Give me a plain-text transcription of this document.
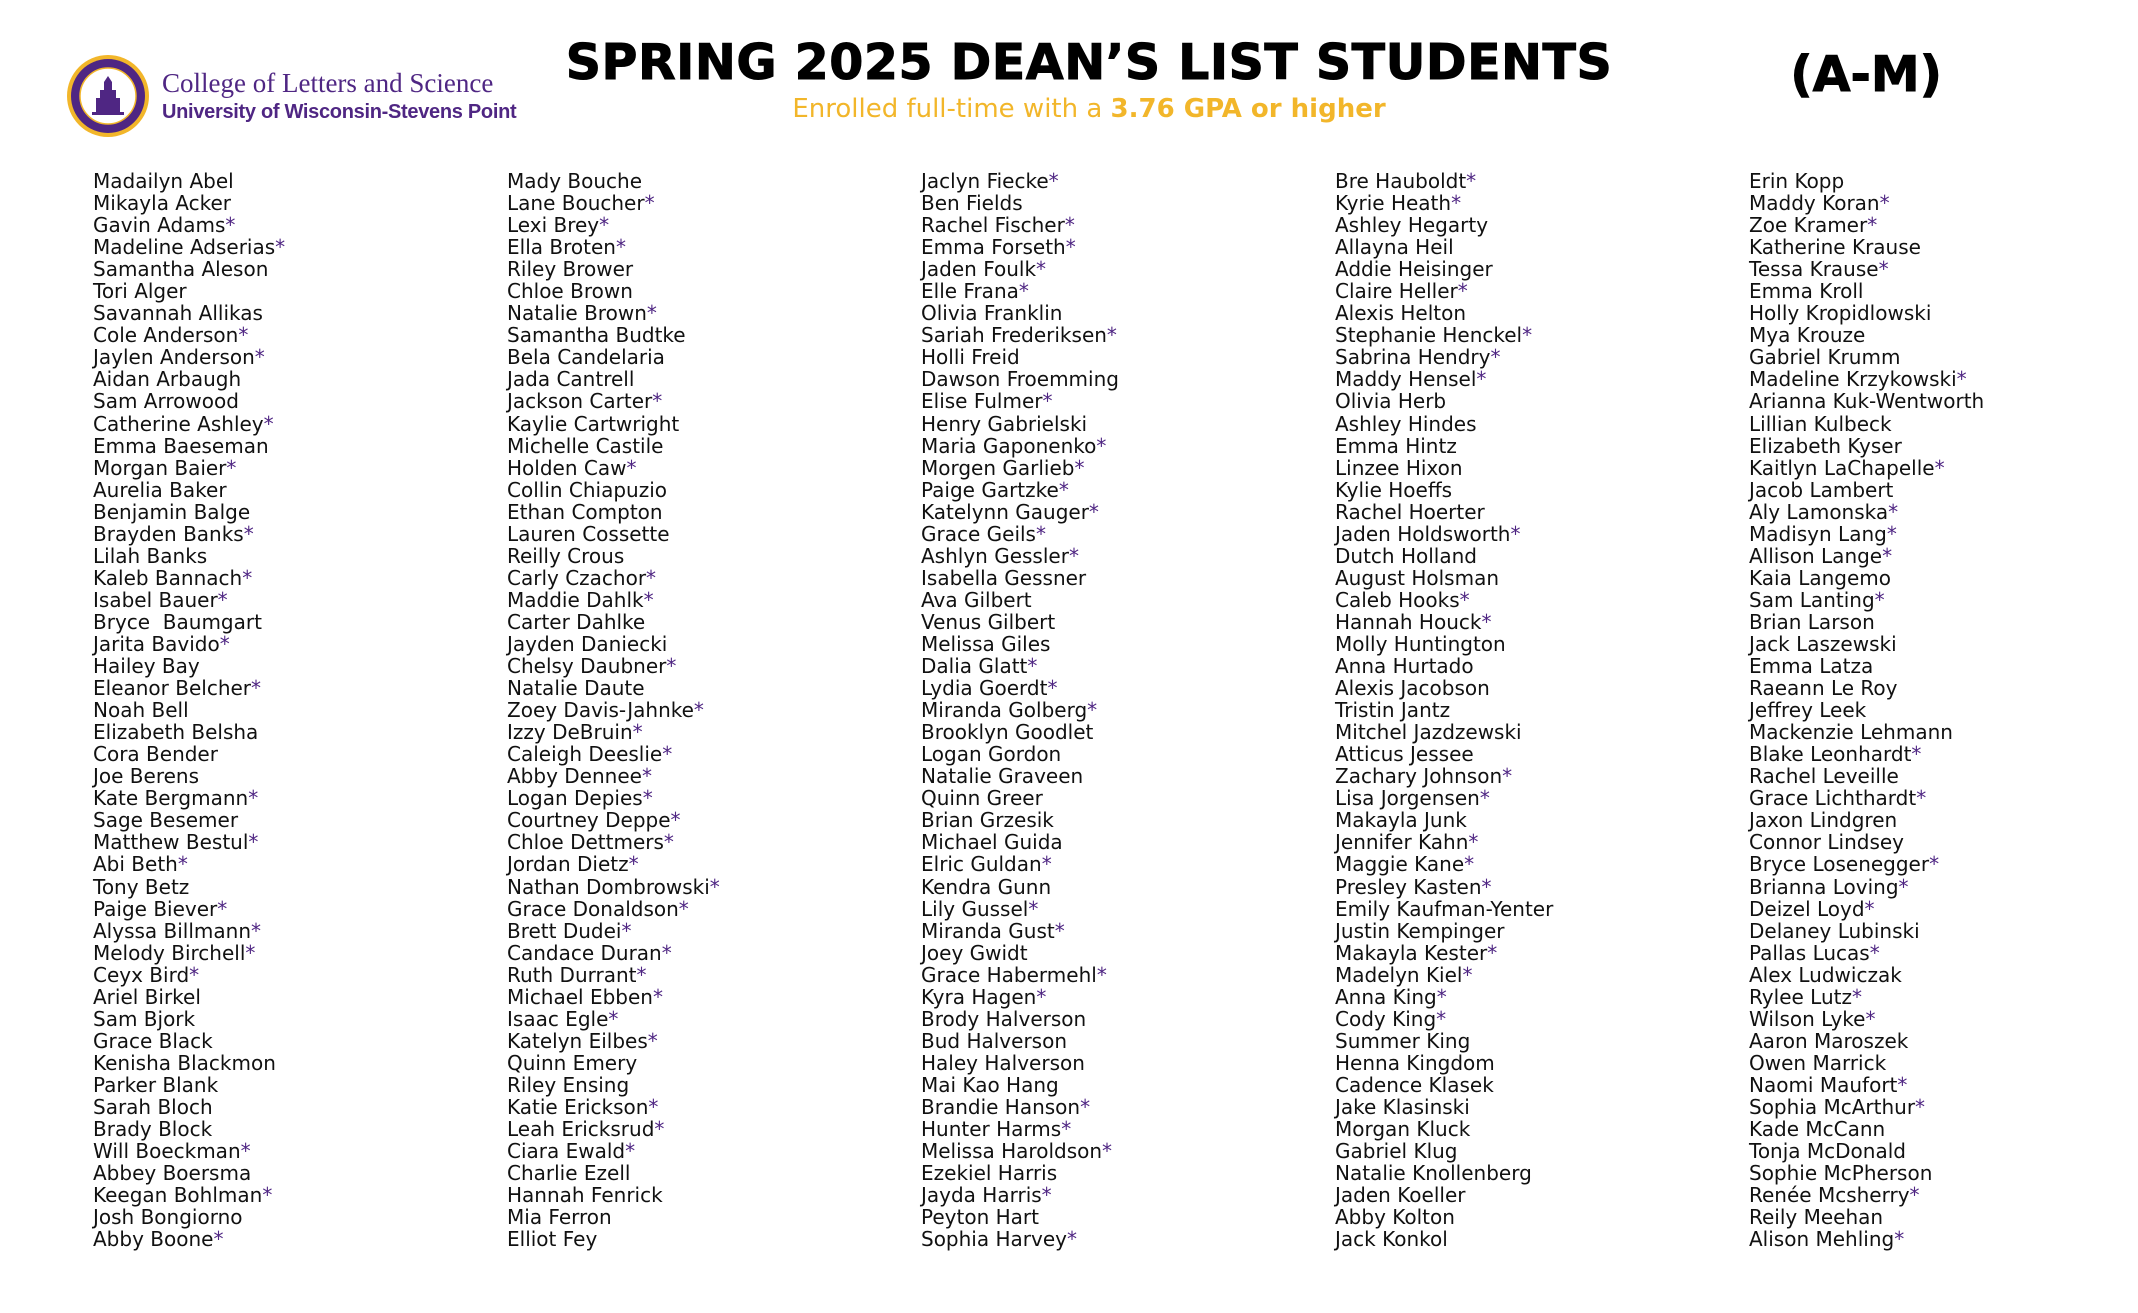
College of Letters and Science
University of Wisconsin-Stevens Point
SPRING 2025 DEAN’S LIST STUDENTS
Enrolled full-time with a 3.76 GPA or higher
(A-M)
Madailyn Abel
Mikayla Acker
Gavin Adams*
Madeline Adserias*
Samantha Aleson
Tori Alger
Savannah Allikas
Cole Anderson*
Jaylen Anderson*
Aidan Arbaugh
Sam Arrowood
Catherine Ashley*
Emma Baeseman
Morgan Baier*
Aurelia Baker
Benjamin Balge
Brayden Banks*
Lilah Banks
Kaleb Bannach*
Isabel Bauer*
Bryce  Baumgart
Jarita Bavido*
Hailey Bay
Eleanor Belcher*
Noah Bell
Elizabeth Belsha
Cora Bender
Joe Berens
Kate Bergmann*
Sage Besemer
Matthew Bestul*
Abi Beth*
Tony Betz
Paige Biever*
Alyssa Billmann*
Melody Birchell*
Ceyx Bird*
Ariel Birkel
Sam Bjork
Grace Black
Kenisha Blackmon
Parker Blank
Sarah Bloch
Brady Block
Will Boeckman*
Abbey Boersma
Keegan Bohlman*
Josh Bongiorno
Abby Boone*
Mady Bouche
Lane Boucher*
Lexi Brey*
Ella Broten*
Riley Brower
Chloe Brown
Natalie Brown*
Samantha Budtke
Bela Candelaria
Jada Cantrell
Jackson Carter*
Kaylie Cartwright
Michelle Castile
Holden Caw*
Collin Chiapuzio
Ethan Compton
Lauren Cossette
Reilly Crous
Carly Czachor*
Maddie Dahlk*
Carter Dahlke
Jayden Daniecki
Chelsy Daubner*
Natalie Daute
Zoey Davis-Jahnke*
Izzy DeBruin*
Caleigh Deeslie*
Abby Dennee*
Logan Depies*
Courtney Deppe*
Chloe Dettmers*
Jordan Dietz*
Nathan Dombrowski*
Grace Donaldson*
Brett Dudei*
Candace Duran*
Ruth Durrant*
Michael Ebben*
Isaac Egle*
Katelyn Eilbes*
Quinn Emery
Riley Ensing
Katie Erickson*
Leah Ericksrud*
Ciara Ewald*
Charlie Ezell
Hannah Fenrick
Mia Ferron
Elliot Fey
Jaclyn Fiecke*
Ben Fields
Rachel Fischer*
Emma Forseth*
Jaden Foulk*
Elle Frana*
Olivia Franklin
Sariah Frederiksen*
Holli Freid
Dawson Froemming
Elise Fulmer*
Henry Gabrielski
Maria Gaponenko*
Morgen Garlieb*
Paige Gartzke*
Katelynn Gauger*
Grace Geils*
Ashlyn Gessler*
Isabella Gessner
Ava Gilbert
Venus Gilbert
Melissa Giles
Dalia Glatt*
Lydia Goerdt*
Miranda Golberg*
Brooklyn Goodlet
Logan Gordon
Natalie Graveen
Quinn Greer
Brian Grzesik
Michael Guida
Elric Guldan*
Kendra Gunn
Lily Gussel*
Miranda Gust*
Joey Gwidt
Grace Habermehl*
Kyra Hagen*
Brody Halverson
Bud Halverson
Haley Halverson
Mai Kao Hang
Brandie Hanson*
Hunter Harms*
Melissa Haroldson*
Ezekiel Harris
Jayda Harris*
Peyton Hart
Sophia Harvey*
Bre Hauboldt*
Kyrie Heath*
Ashley Hegarty
Allayna Heil
Addie Heisinger
Claire Heller*
Alexis Helton
Stephanie Henckel*
Sabrina Hendry*
Maddy Hensel*
Olivia Herb
Ashley Hindes
Emma Hintz
Linzee Hixon
Kylie Hoeffs
Rachel Hoerter
Jaden Holdsworth*
Dutch Holland
August Holsman
Caleb Hooks*
Hannah Houck*
Molly Huntington
Anna Hurtado
Alexis Jacobson
Tristin Jantz
Mitchel Jazdzewski
Atticus Jessee
Zachary Johnson*
Lisa Jorgensen*
Makayla Junk
Jennifer Kahn*
Maggie Kane*
Presley Kasten*
Emily Kaufman-Yenter
Justin Kempinger
Makayla Kester*
Madelyn Kiel*
Anna King*
Cody King*
Summer King
Henna Kingdom
Cadence Klasek
Jake Klasinski
Morgan Kluck
Gabriel Klug
Natalie Knollenberg
Jaden Koeller
Abby Kolton
Jack Konkol
Erin Kopp
Maddy Koran*
Zoe Kramer*
Katherine Krause
Tessa Krause*
Emma Kroll
Holly Kropidlowski
Mya Krouze
Gabriel Krumm
Madeline Krzykowski*
Arianna Kuk-Wentworth
Lillian Kulbeck
Elizabeth Kyser
Kaitlyn LaChapelle*
Jacob Lambert
Aly Lamonska*
Madisyn Lang*
Allison Lange*
Kaia Langemo
Sam Lanting*
Brian Larson
Jack Laszewski
Emma Latza
Raeann Le Roy
Jeffrey Leek
Mackenzie Lehmann
Blake Leonhardt*
Rachel Leveille
Grace Lichthardt*
Jaxon Lindgren
Connor Lindsey
Bryce Losenegger*
Brianna Loving*
Deizel Loyd*
Delaney Lubinski
Pallas Lucas*
Alex Ludwiczak
Rylee Lutz*
Wilson Lyke*
Aaron Maroszek
Owen Marrick
Naomi Maufort*
Sophia McArthur*
Kade McCann
Tonja McDonald
Sophie McPherson
Renée Mcsherry*
Reily Meehan
Alison Mehling*
